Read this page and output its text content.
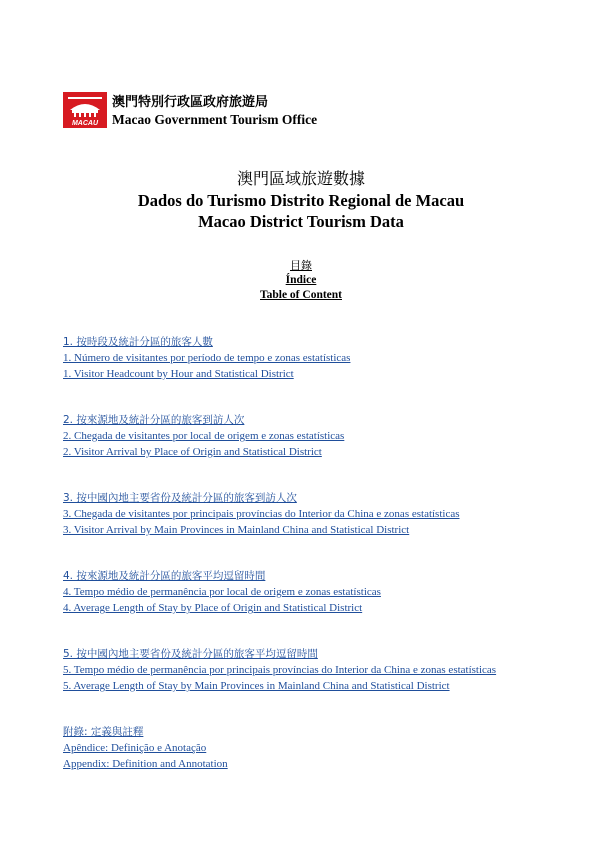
MACAU
澳門特別行政區政府旅遊局
Macao Government Tourism Office
澳門區域旅遊數據
Dados do Turismo Distrito Regional de Macau
Macao District Tourism Data
目錄
Índice
Table of Content
1. 按時段及統計分區的旅客人數
1. Número de visitantes por período de tempo e zonas estatísticas
1. Visitor Headcount by Hour and Statistical District
2. 按來源地及統計分區的旅客到訪人次
2. Chegada de visitantes por local de origem e zonas estatísticas
2. Visitor Arrival by Place of Origin and Statistical District
3. 按中國內地主要省份及統計分區的旅客到訪人次
3. Chegada de visitantes por principais províncias do Interior da China e zonas estatísticas
3. Visitor Arrival by Main Provinces in Mainland China and Statistical District
4. 按來源地及統計分區的旅客平均逗留時間
4. Tempo médio de permanência por local de origem e zonas estatísticas
4. Average Length of Stay by Place of Origin and Statistical District
5. 按中國內地主要省份及統計分區的旅客平均逗留時間
5. Tempo médio de permanência por principais províncias do Interior da China e zonas estatísticas
5. Average Length of Stay by Main Provinces in Mainland China and Statistical District
附錄: 定義與註釋
Apêndice: Definição e Anotação
Appendix: Definition and Annotation
